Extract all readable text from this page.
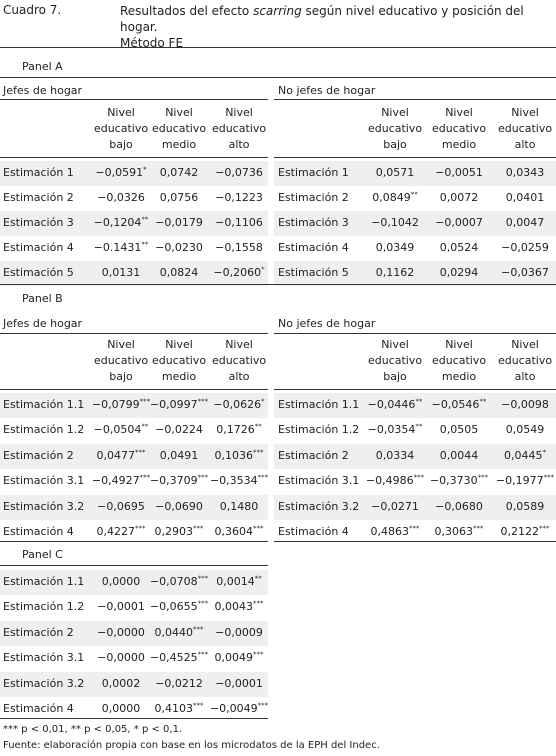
Cuadro 7.	Resultados del efecto scarring según nivel educativo y posición del hogar.
Método FE
Panel A
Jefes de hogar	No jefes de hogar
Nivel
educativo
bajo
Nivel
educativo
medio
Nivel
educativo
alto
Nivel
educativo
bajo
Nivel
educativo
medio
Nivel
educativo
alto
Estimación 1	−0,0591*	0,0742	−0,0736
Estimación 2	−0,0326	0,0756	−0,1223
Estimación 3	−0,1204** −0,0179	−0,1106
Estimación 4	−0.1431** −0,0230	−0,1558
Estimación 5	0,0131	0,0824	−0,2060*
Estimación 1	0,0571	−0,0051	0,0343
Estimación 2	0,0849**	0,0072	0,0401
Estimación 3	−0,1042	−0,0007	0,0047
Estimación 4	0,0349	0,0524	−0,0259
Estimación 5	0,1162	0,0294	−0,0367
Panel B
Jefes de hogar	No jefes de hogar
Nivel
educativo
bajo
Nivel
educativo
medio
Nivel
educativo
alto
Nivel
educativo
bajo
Nivel
educativo
medio
Nivel
educativo
alto
Estimación 1.1 −0,0799*** −0,0997*** −0,0626*
Estimación 1.2 −0,0504** −0,0224	0,1726**
Estimación 2	0,0477***	0,0491	0,1036***
Estimación 3.1 −0,4927*** −0,3709*** −0,3534***
Estimación 3.2	−0,0695 −0,0690	0,1480
Estimación 4	0,4227*** 0,2903***	0,3604***
Estimación 1.1 −0,0446** −0,0546**	−0,0098
Estimación 1.2 −0,0354**	0,0505	0,0549
Estimación 2	0,0334	0,0044	0,0445*
Estimación 3.1 −0,4986*** −0,3730*** −0,1977***
Estimación 3.2	−0,0271	−0,0680	0,0589
Estimación 4	0,4863***	0,3063***	0,2122***
Panel C
Estimación 1.1	0,0000 −0,0708*** 0,0014**
Estimación 1.2	−0,0001 −0,0655*** 0,0043***
Estimación 2	−0,0000 0,0440***	−0,0009
Estimación 3.1	−0,0000 −0,4525*** 0,0049***
Estimación 3.2	0,0002	−0,0212	−0,0001
Estimación 4	0,0000	0,4103*** −0,0049***
*** p < 0,01, ** p < 0,05, * p < 0,1.
Fuente: elaboración propia con base en los microdatos de la EPH del Indec.
